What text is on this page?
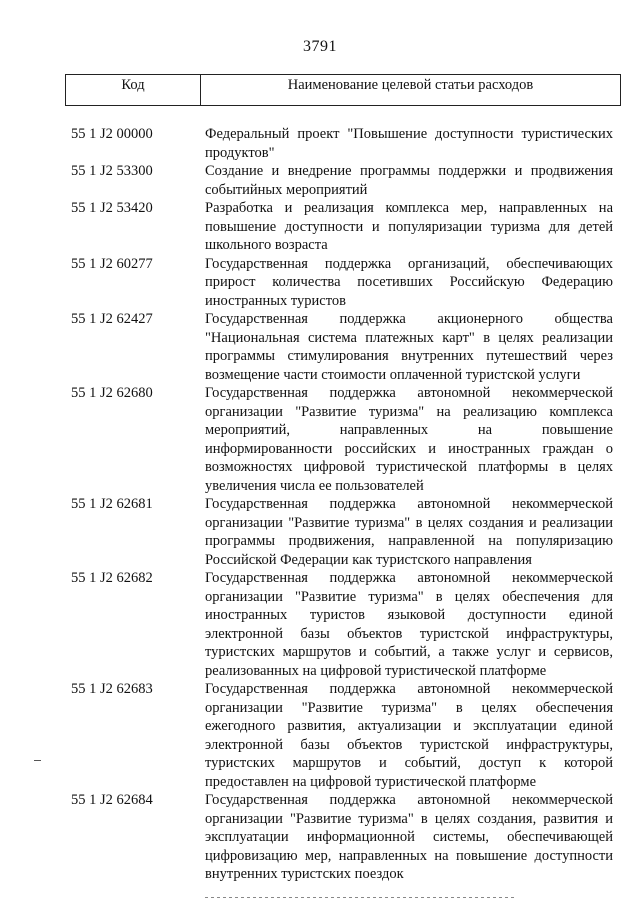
3791
Код	Наименование целевой статьи расходов
55 1 J2 00000	Федеральный проект "Повышение доступности туристических
продуктов"
55 1 J2 53300	Создание и внедрение программы поддержки и продвижения
событийных мероприятий
55 1 J2 53420	Разработка и реализация комплекса мер, направленных на
повышение доступности и популяризации туризма для детей
школьного возраста
55 1 J2 60277	Государственная поддержка организаций, обеспечивающих
прирост количества посетивших Российскую Федерацию
иностранных туристов
55 1 J2 62427	Государственная поддержка акционерного общества
"Национальная система платежных карт" в целях реализации
программы стимулирования внутренних путешествий через
возмещение части стоимости оплаченной туристской услуги
55 1 J2 62680	Государственная поддержка автономной некоммерческой
организации "Развитие туризма" на реализацию комплекса
мероприятий, направленных на повышение
информированности российских и иностранных граждан о
возможностях цифровой туристической платформы в целях
увеличения числа ее пользователей
55 1 J2 62681	Государственная поддержка автономной некоммерческой
организации "Развитие туризма" в целях создания и реализации
программы продвижения, направленной на популяризацию
Российской Федерации как туристского направления
55 1 J2 62682	Государственная поддержка автономной некоммерческой
организации "Развитие туризма" в целях обеспечения для
иностранных туристов языковой доступности единой
электронной базы объектов туристской инфраструктуры,
туристских маршрутов и событий, а также услуг и сервисов,
реализованных на цифровой туристической платформе
55 1 J2 62683	Государственная поддержка автономной некоммерческой
организации "Развитие туризма" в целях обеспечения
ежегодного развития, актуализации и эксплуатации единой
электронной базы объектов туристской инфраструктуры,
туристских маршрутов и событий, доступ к которой
предоставлен на цифровой туристической платформе
55 1 J2 62684	Государственная поддержка автономной некоммерческой
организации "Развитие туризма" в целях создания, развития и
эксплуатации информационной системы, обеспечивающей
цифровизацию мер, направленных на повышение доступности
внутренних туристских поездок
